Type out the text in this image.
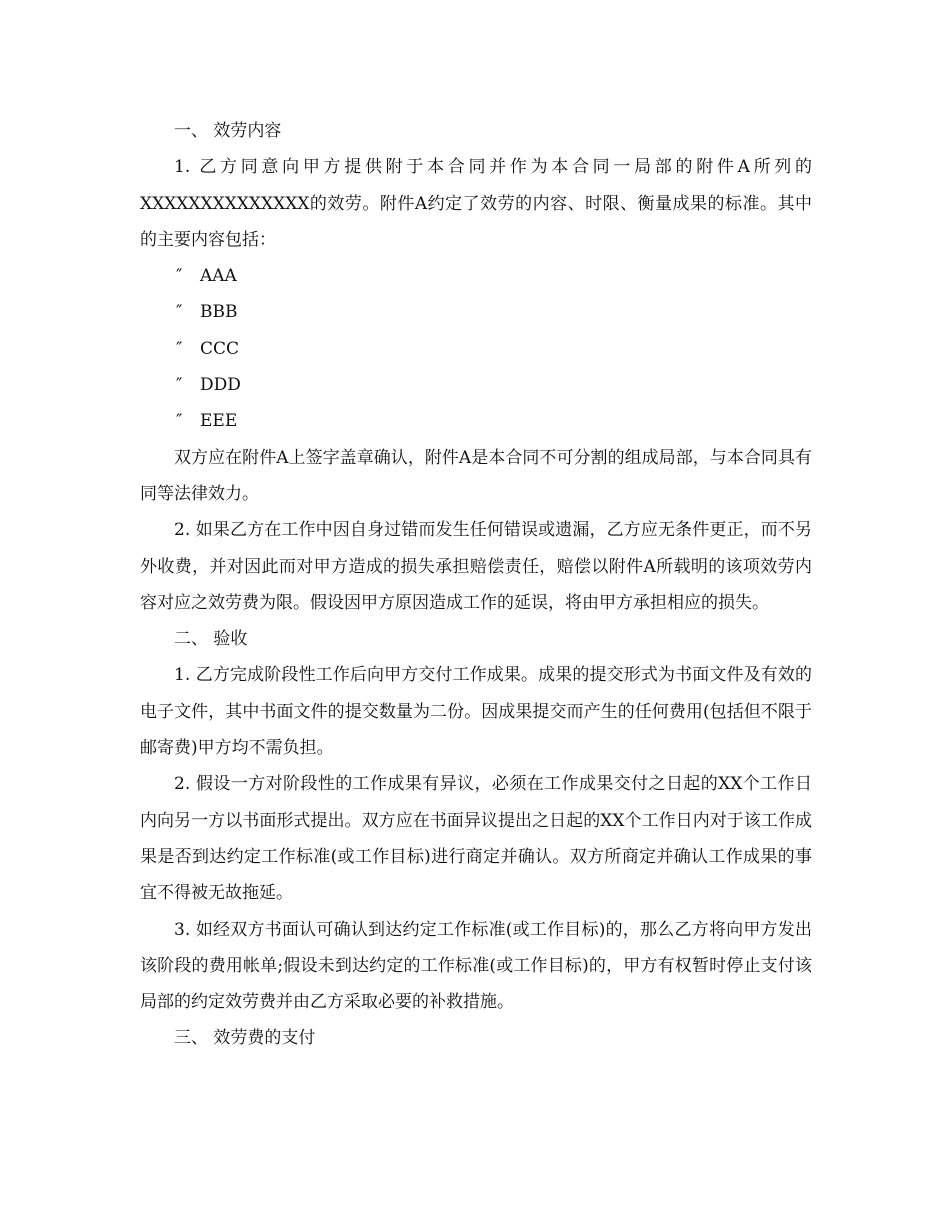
一、 效劳内容

1. 乙方同意向甲方提供附于本合同并作为本合同一局部的附件A所列的XXXXXXXXXXXXXX的效劳。附件A约定了效劳的内容、时限、衡量成果的标准。其中的主要内容包括：

″ AAA

″ BBB

″ CCC

″ DDD

″ EEE

双方应在附件A上签字盖章确认，附件A是本合同不可分割的组成局部，与本合同具有同等法律效力。

2. 如果乙方在工作中因自身过错而发生任何错误或遗漏，乙方应无条件更正，而不另外收费，并对因此而对甲方造成的损失承担赔偿责任，赔偿以附件A所载明的该项效劳内容对应之效劳费为限。假设因甲方原因造成工作的延误，将由甲方承担相应的损失。

二、 验收

1. 乙方完成阶段性工作后向甲方交付工作成果。成果的提交形式为书面文件及有效的电子文件，其中书面文件的提交数量为二份。因成果提交而产生的任何费用(包括但不限于邮寄费)甲方均不需负担。

2. 假设一方对阶段性的工作成果有异议，必须在工作成果交付之日起的XX个工作日内向另一方以书面形式提出。双方应在书面异议提出之日起的XX个工作日内对于该工作成果是否到达约定工作标准(或工作目标)进行商定并确认。双方所商定并确认工作成果的事宜不得被无故拖延。

3. 如经双方书面认可确认到达约定工作标准(或工作目标)的，那么乙方将向甲方发出该阶段的费用帐单;假设未到达约定的工作标准(或工作目标)的，甲方有权暂时停止支付该局部的约定效劳费并由乙方采取必要的补救措施。

三、 效劳费的支付
